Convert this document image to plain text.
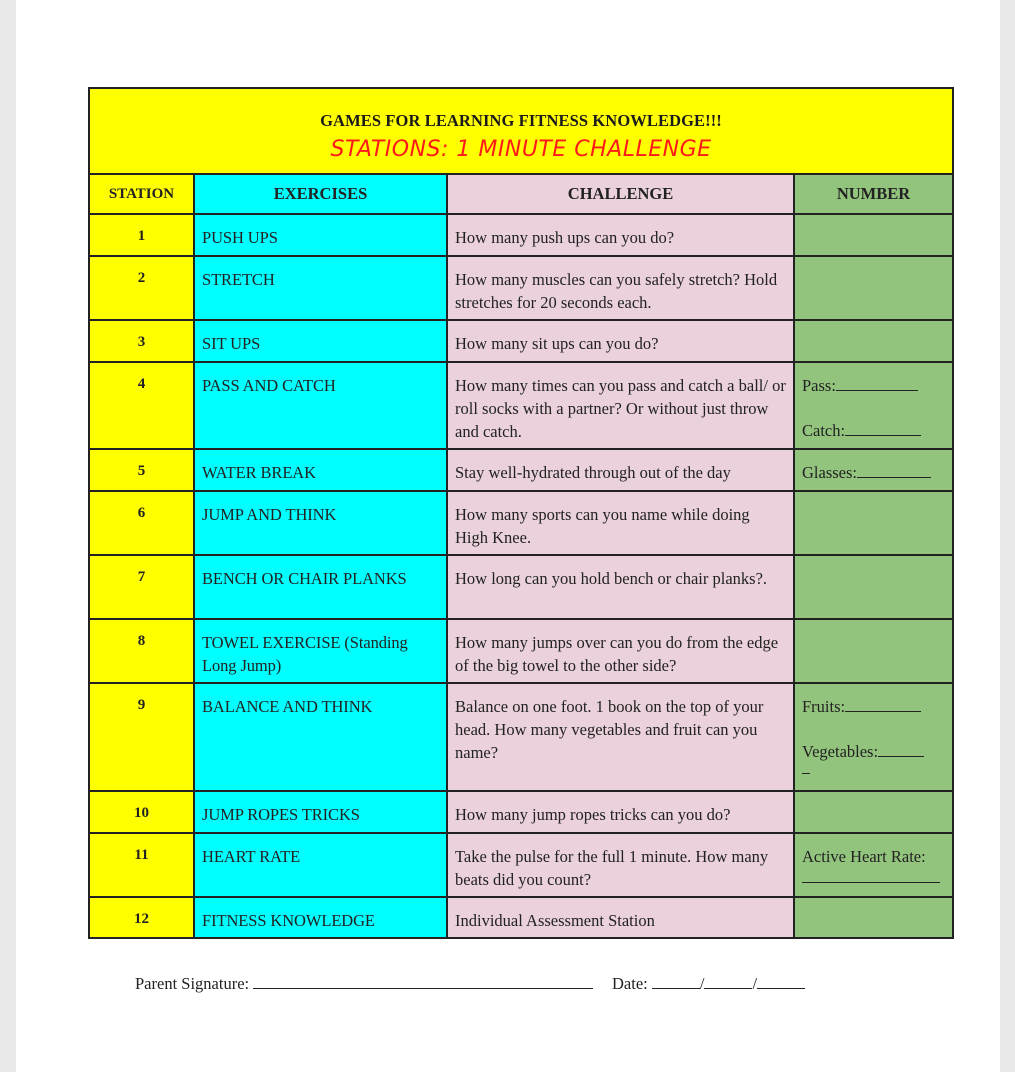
GAMES FOR LEARNING FITNESS KNOWLEDGE!!!
STATIONS: 1 MINUTE CHALLENGE			

STATION	EXERCISES	CHALLENGE	NUMBER
1	PUSH UPS	How many push ups can you do?	

2	STRETCH	How many muscles can you safely stretch? Hold stretches for 20 seconds each.	

3	SIT UPS	How many sit ups can you do?	

4	PASS AND CATCH	How many times can you pass and catch a ball/ or roll socks with a partner? Or without just throw and catch.	Pass:
Catch:

5	WATER BREAK	Stay well-hydrated through out of the day	Glasses:

6	JUMP AND THINK	How many sports can you name while doing High Knee.	

7	BENCH OR CHAIR PLANKS	How long can you hold bench or chair planks?.	

8	TOWEL EXERCISE (Standing Long Jump)	How many jumps over can you do from the edge of the big towel to the other side?	

9	BALANCE AND THINK	Balance on one foot. 1 book on the top of your head. How many vegetables and fruit can you name?	Fruits:
Vegetables:

10	JUMP ROPES TRICKS	How many jump ropes tricks can you do?	

11	HEART RATE	Take the pulse for the full 1 minute. How many beats did you count?	Active Heart Rate:

12	FITNESS KNOWLEDGE	Individual Assessment Station	

Parent Signature:	Date:	/	/
